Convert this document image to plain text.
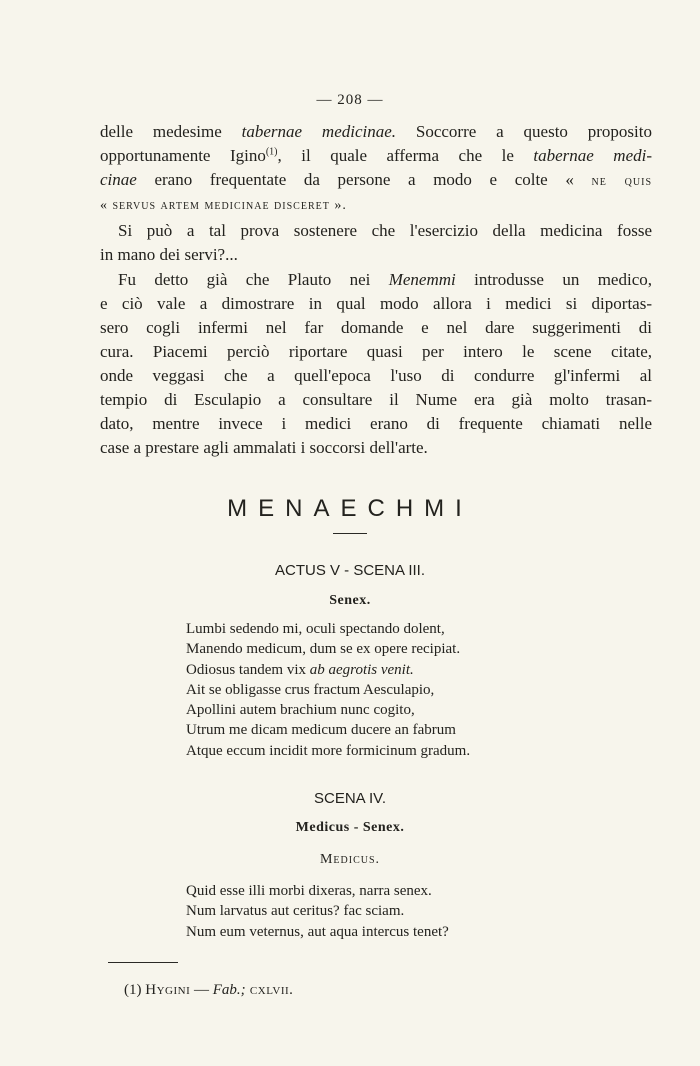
— 208 —
delle medesime tabernae medicinae. Soccorre a questo proposito
opportunamente Igino$^{(1)}$, il quale afferma che le tabernae medi-
cinae erano frequentate da persone a modo e colte « ne quis
« servus artem medicinae disceret ».
Si può a tal prova sostenere che l'esercizio della medicina fosse
in mano dei servi?...
Fu detto già che Plauto nei Menemmi introdusse un medico,
e ciò vale a dimostrare in qual modo allora i medici si diportas-
sero cogli infermi nel far domande e nel dare suggerimenti di
cura. Piacemi perciò riportare quasi per intero le scene citate,
onde veggasi che a quell'epoca l'uso di condurre gl'infermi al
tempio di Esculapio a consultare il Nume era già molto trasan-
dato, mentre invece i medici erano di frequente chiamati nelle
case a prestare agli ammalati i soccorsi dell'arte.
MENAECHMI
ACTUS V - SCENA III.
Senex.
Lumbi sedendo mi, oculi spectando dolent,
Manendo medicum, dum se ex opere recipiat.
Odiosus tandem vix ab aegrotis venit.
Ait se obligasse crus fractum Aesculapio,
Apollini autem brachium nunc cogito,
Utrum me dicam medicum ducere an fabrum
Atque eccum incidit more formicinum gradum.
SCENA IV.
Medicus - Senex.
Medicus.
Quid esse illi morbi dixeras, narra senex.
Num larvatus aut ceritus? fac sciam.
Num eum veternus, aut aqua intercus tenet?
(1) Hygini — Fab.; cxlvii.
